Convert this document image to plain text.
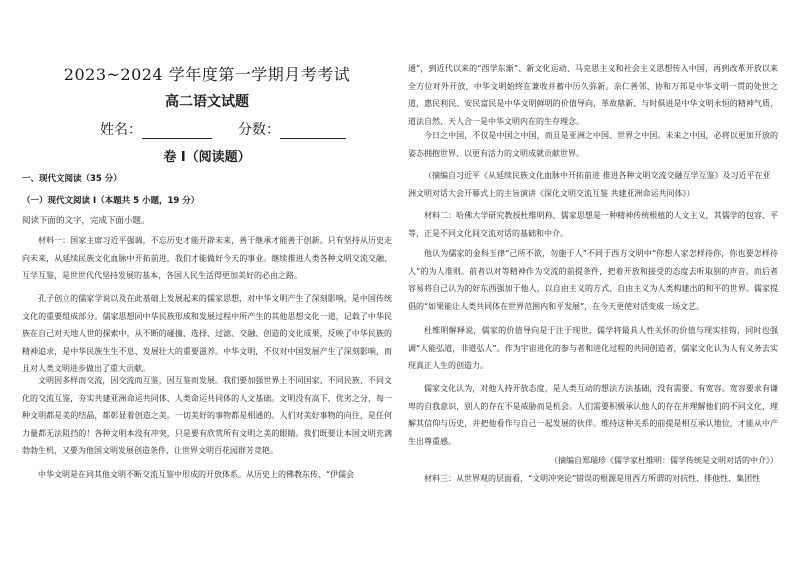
2023~2024 学年度第一学期月考考试
高二语文试题
姓名：	分数：
卷 I（阅读题）
一、现代文阅读（35 分）
（一）现代文阅读 I（本题共 5 小题，19 分）
阅读下面的文字，完成下面小题。

材料一：国家主席习近平强调，不忘历史才能开辟未来，善于继承才能善于创新。只有坚持从历史走向未来，从延续民族文化血脉中开拓前进，我们才能做好今天的事业。继续推进人类各种文明交流交融、互学互鉴，是世世代代坚持发展的基本，各国人民生活得更加美好的必由之路。

孔子创立的儒家学说以及在此基础上发展起来的儒家思想，对中华文明产生了深刻影响，是中国传统文化的重要组成部分。儒家思想同中华民族形成和发展过程中所产生的其他思想文化一道，记载了中华民族在自己对天地人世的探索中，从不断的碰撞、选择、过滤、交融、创造的文化成果，反映了中华民族的精神追求，是中华民族生生不息、发展壮大的重要滋养。中华文明，不仅对中国发展产生了深刻影响，而且对人类文明进步做出了重大贡献。

文明因多样而交流，因交流而互鉴，因互鉴而发展。我们要加强世界上不同国家、不同民族、不同文化的交流互鉴，夯实共建亚洲命运共同体、人类命运共同体的人文基础。文明没有高下、优劣之分，每一种文明都是美的结晶，都彰显着创造之美。一切美好的事物都是相通的。人们对美好事物的向往，是任何力量都无法阻挡的！各种文明本没有冲突，只是要有欣赏所有文明之美的眼睛。我们既要让本国文明充满勃勃生机，又要为他国文明发展创造条件，让世界文明百花园群芳竞艳。

中华文明是在同其他文明不断交流互鉴中形成的开放体系。从历史上的佛教东传、“伊儒会

通”，到近代以来的“西学东渐”、新文化运动、马克思主义和社会主义思想传入中国，再到改革开放以来全方位对外开放，中华文明始终在兼收并蓄中历久弥新。亲仁善邻、协和万邦是中华文明一贯的处世之道，惠民利民、安民富民是中华文明鲜明的价值导向，革故鼎新、与时俱进是中华文明永恒的精神气质，道法自然、天人合一是中华文明内在的生存理念。

今日之中国，不仅是中国之中国，而且是亚洲之中国、世界之中国。未来之中国，必将以更加开放的姿态拥抱世界、以更有活力的文明成就贡献世界。

（摘编自习近平《从延续民族文化血脉中开拓前进 推进各种文明交流交融互学互鉴》及习近平在亚洲文明对话大会开幕式上的主旨演讲《深化文明交流互鉴 共建亚洲命运共同体》）

材料二：哈佛大学研究教授杜维明称，儒家思想是一种精神传统根植的人文主义，其儒学的包容、平等，正是不同文化间交流对话的基础和中介。

他认为儒家的金科玉律“己所不欲，勿施于人”不同于西方文明中“你想人家怎样待你，你也要怎样待人”的为人准则。前者以对等精神作为交流的前提条件，把着开放和接受的态度去听取别的声音。而后者容易将自己认为的好东西强加于他人，以自由主义的方式、自由主义为人类构建出的和平的世界。儒家提倡的“如果能让人类共同体在世界范围内和平发展”，在今天更使对话变成一场文艺。

杜维明解释说，儒家的价值导向是于注于现世，儒学将最具人性关怀的价值与现实挂钩，同时也强调“人能弘道，非道弘人”。作为宇宙进化的参与者和进化过程的共同创造者，儒家文化认为人有义务去实现真正人生的创造力。

儒家文化认为，对他人持开放态度，是人类互动的想法方法基础，没有需要、有宽容。宽容要求有谦卑的自我意识，别人的存在不是威胁而是机会。人们需要积极承认他人的存在并理解他们的不同文化，理解其信仰与历史，并把他看作与自己一起发展的伙伴。维持这种关系的前提是相互承认地位，才能从中产生出尊重感。

（摘编自郑瑞珍《儒学家杜维明：儒学传统是文明对话的中介》）

材料三：从世界观的层面看，“文明冲突论”错误的根源是用西方所谓的对抗性、排他性、集团性
